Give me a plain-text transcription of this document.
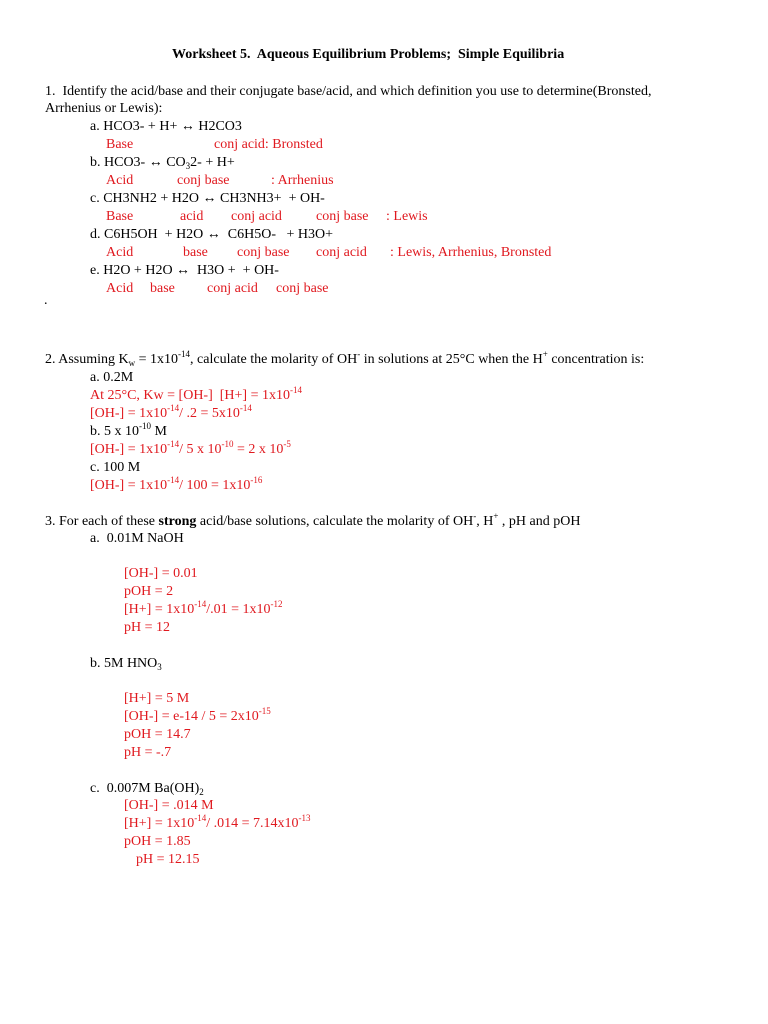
Worksheet 5.  Aqueous Equilibrium Problems;  Simple Equilibria
1.  Identify the acid/base and their conjugate base/acid, and which definition you use to determine(Bronsted,
Arrhenius or Lewis):
a. HCO3- + H+ ↔ H2CO3
Base	conj acid: Bronsted
b. HCO3- ↔ $CO_32- + H+$
Acid	conj base	: Arrhenius
c. CH3NH2 + H2O ↔ CH3NH3+  + OH-
Base	acid conj acid conj base : Lewis
d. C6H5OH  + H2O ↔  C6H5O-   + H3O+
Acid	base conj base conj acid : Lewis, Arrhenius, Bronsted
e. H2O + H2O ↔  H3O +  + OH-
Acid base conj acid conj base
.
2. Assuming $K_w = 1x10^{-14}$, calculate the molarity of OH- in solutions at 25°C when the H+ concentration is:
a. 0.2M
At 25°C, Kw = [OH-]  $[H+] = 1x10^{-14}$
$[OH-] = 1x10^{-14}/$ $.2 = 5x10^{-14}$
b. 5 x $10^{-10}$ M
$[OH-] = 1x10^{-14}/$ 5 x $10^{-10} = 2$ x $10^{-5}$
c. 100 M
$[OH-] = 1x10^{-14}/$ $100 = 1x10^{-16}$
3. For each of these strong acid/base solutions, calculate the molarity of OH-, H+ , pH and pOH
a.  0.01M NaOH
[OH-] = 0.01
pOH = 2
$[H+] = 1x10^{-14}/.01 = 1x10^{-12}$
pH = 12
b. 5M $HNO_3$
[H+] = 5 M
$[OH-] = e-14 / 5 = 2x10^{-15}$
pOH = 14.7
pH = -.7
c.  0.007M $Ba(OH)_2$
[OH-] = .014 M
$[H+] = 1x10^{-14}/$ $.014 = 7.14x10^{-13}$
pOH = 1.85
pH = 12.15
